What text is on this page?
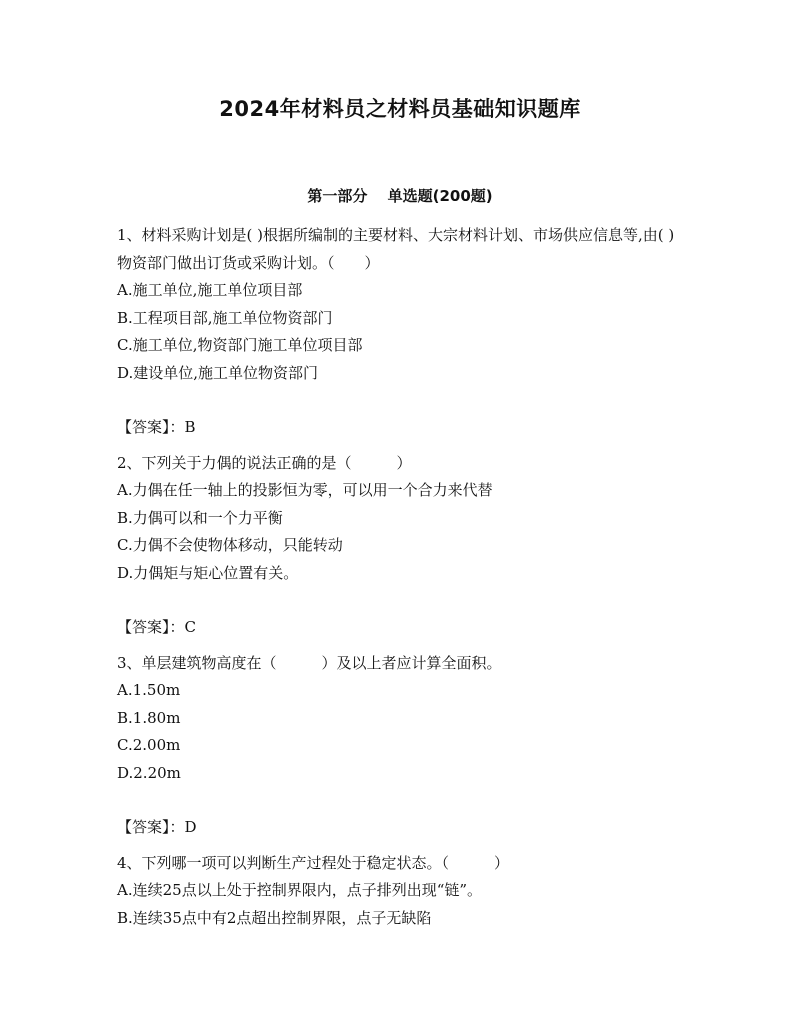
2024年材料员之材料员基础知识题库
第一部分　 单选题(200题)

1、材料采购计划是( )根据所编制的主要材料、大宗材料计划、市场供应信息等,由( )物资部门做出订货或采购计划。（　　）

A.施工单位,施工单位项目部

B.工程项目部,施工单位物资部门

C.施工单位,物资部门施工单位项目部

D.建设单位,施工单位物资部门

【答案】：B

2、下列关于力偶的说法正确的是（　　　）

A.力偶在任一轴上的投影恒为零，可以用一个合力来代替

B.力偶可以和一个力平衡

C.力偶不会使物体移动，只能转动

D.力偶矩与矩心位置有关。

【答案】：C

3、单层建筑物高度在（　　　）及以上者应计算全面积。

A.1.50m

B.1.80m

C.2.00m

D.2.20m

【答案】：D

4、下列哪一项可以判断生产过程处于稳定状态。（　　　）

A.连续25点以上处于控制界限内，点子排列出现“链”。

B.连续35点中有2点超出控制界限，点子无缺陷
